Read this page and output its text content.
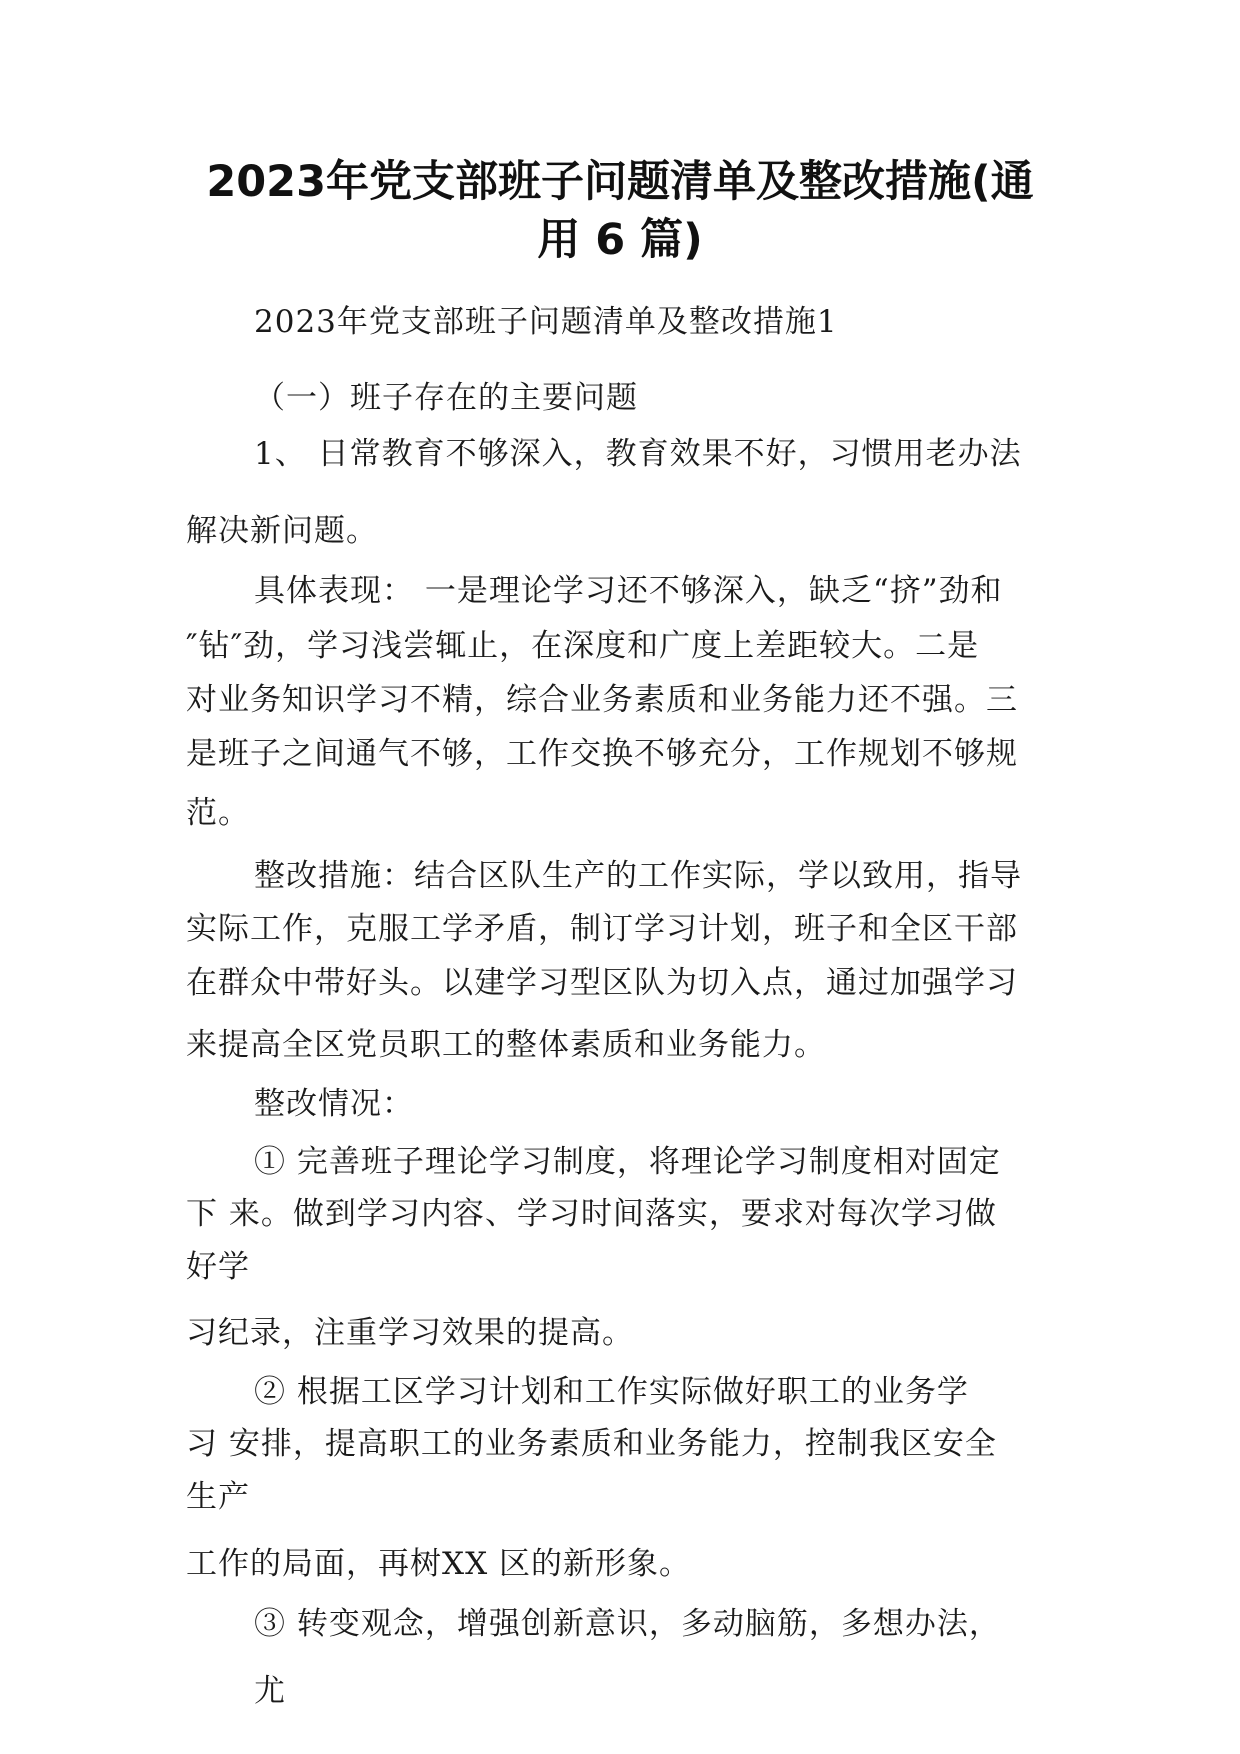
2023年党支部班子问题清单及整改措施(通
用 6 篇)
2023年党支部班子问题清单及整改措施1
（一）班子存在的主要问题
1、 日常教育不够深入，教育效果不好，习惯用老办法
解决新问题。
具体表现： 一是理论学习还不够深入，缺乏“挤”劲和
″钻″劲，学习浅尝辄止，在深度和广度上差距较大。二是
对业务知识学习不精，综合业务素质和业务能力还不强。三
是班子之间通气不够，工作交换不够充分，工作规划不够规
范。
整改措施：结合区队生产的工作实际，学以致用，指导
实际工作，克服工学矛盾，制订学习计划，班子和全区干部
在群众中带好头。以建学习型区队为切入点，通过加强学习
来提高全区党员职工的整体素质和业务能力。
整改情况：
① 完善班子理论学习制度，将理论学习制度相对固定
下 来。做到学习内容、学习时间落实，要求对每次学习做
好学
习纪录，注重学习效果的提高。
② 根据工区学习计划和工作实际做好职工的业务学
习 安排，提高职工的业务素质和业务能力，控制我区安全
生产
工作的局面，再树XX 区的新形象。
③ 转变观念，增强创新意识，多动脑筋，多想办法，
尤
